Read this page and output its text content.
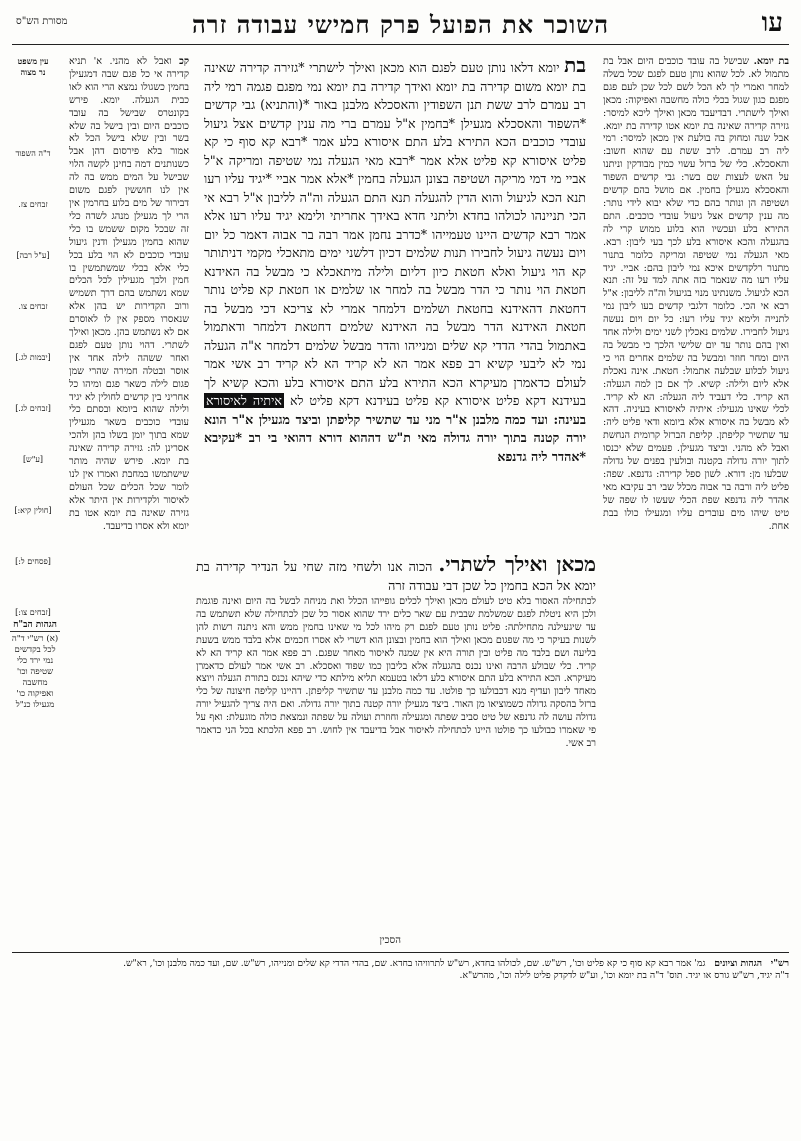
עו
השוכר את הפועל פרק חמישי עבודה זרה
מסורת הש"ס
בת יומא. שבישל בה עובד כוכבים היום אבל בת מתמול לא. לכל שהוא נותן טעם לפגם שכל בשלה למחר ואמרי לך לא הכל לשם לכל שכן לעם פגם מפגם כגון שגול בכלי כולה מחשבה ואפיקוה: מכאן ואילך לישתרי. דבדיעבד מכאן ואילך ליכא למיסר: גזירה קדירה שאינה בת יומא אטו קדירה בת יומא. אבל שנה ומחוק בה בולעת אין מכאן למיסר: רמי ליה רב עמרם. לרב ששת עם שהוא חשוב: והאסכלא. כלי של ברזל עשוי כמין מבודקין וניתנו על האש לעצות שם בשר: גבי קדשים השפוד והאסכלא מגעילן בחמין. אם מושל בהם קדשים ושטיפה הן ונותר בהם כדי שלא יבוא לידי נותר: מה ענין קדשים אצל גיעול עובדי כוכבים. התם התירא בלע ועכשיו הוא בלוע ממוש קרי לה בהגעלה והכא איסורא בלע לכך בעי ליבון: רבא. מאי הגעלה נמי שטיפה ומריקה כלומר בתנור מתנור רלקדשים איכא נמי ליבון בהם: אביי. יגיד עליו רעו מה שנאמר בזה אתה למד על זה: תנא הכא לגיעול. משנתינו מנוי בגיעול וה"ה לליבון: א"ל רבא אי הכי. כלומר דלגבי קדשים בעו ליבון נמי לתנייה ולימא יגיד עליו רעו: כל יום ויום נעשה גיעול לחבירו. שלמים נאכלין לשני ימים ולילה אחד ואין בהם נותר עד יום שלישי הלכך כי מבשל בה היום ומחר חוזר ומבשל בה שלמים אחרים הוי כי גיעול לבלוע שבלעה אתמול: חטאת. אינה נאכלת אלא ליום ולילה: קשיא. לך אם כן למה הגעלה: הא קריד. כלי דעביד ליה הגעלה: הא לא קריד. לכלי שאינו מגעילו: איתיה לאיסורא בעיניה. דהא לא מבשל בה איסורא אלא ביומא ודאי פליט ליה: עד שתשיר קליפתן. קליפת הברזל קרומית הנחשת ואבל לא מהני. וביצד מגעילן. פעמים שלא יכנסו לתוך יורה גדולה בקטנה ובולעין בפנים של גדולה שבלעו מן: דורא. לשון ספל קדירה: גדנפא. שפה: פליט ליה ורבה בר אבוה מכלל שבי רב עקיבא מאי אהדר ליה גדנפא שפת הכלי שעשו לו שפה של טיט שיהו מים עוברים עליו ומגעילו כולו בבת אחת.
בת יומא דלאו נותן טעם לפגם הוא מכאן ואילך לישתרי *גזירה קדירה שאינה בת יומא משום קדירה בת יומא ואידך קדירה בת יומא נמי מפגם פגמה רמי ליה רב עמרם לרב ששת תנן השפודין והאסכלא מלבנן באור *(והתניא) גבי קדשים *השפוד והאסכלא מגעילן *בחמין א"ל עמרם ברי מה ענין קדשים אצל גיעול עובדי כוכבים הכא התירא בלע התם איסורא בלע אמר *רבא קא סוף כי קא פליט איסורא קא פליט אלא אמר *רבא מאי הגעלה נמי שטיפה ומריקה א"ל אביי מי דמי מריקה ושטיפה בצונן הגעלה בחמין *אלא אמר אביי *יגיד עליו רעו תנא הכא לגיעול והוא הדין להגעלה תנא התם הגעלה וה"ה לליבון א"ל רבא אי הכי תניינהו לכולהו בחדא וליתני חדא באידך אחריתי ולימא יגיד עליו רעו אלא אמר רבא קדשים היינו טעמייהו *כדרב נחמן אמר רבה בר אבוה דאמר כל יום ויום נעשה גיעול לחבירו תנות שלמים דכיון דלשני ימים מתאכלי מקמי דניתותר קא הוי גיעול ואלא חטאת כיון דליום ולילה מיתאכלא כי מבשל בה האידנא חטאת הוי נותר כי הדר מבשל בה למחר או שלמים או חטאת קא פליט נותר דחטאת דהאידנא בחטאת ושלמים דלמחר אמרי לא צריכא דכי מבשל בה חטאת האידנא הדר מבשל בה האידנא שלמים דחטאת דלמחר ודאתמול באתמול בהדי הדדי קא שלים ומנייהו והדר מבשל שלמים דלמחר א"ה הגעלה נמי לא ליבעי קשיא רב פפא אמר הא לא קריד הא לא קריד רב אשי אמר לעולם כדאמרן מעיקרא הכא התירא בלע התם איסורא בלע והכא קשיא לך בעידנא דקא פליט איסורא קא פליט בעידנא דקא פליט לא איתיה לאיסורא בעינה: ועד כמה מלבנן א"ר מני עד שתשיר קליפתן וביצד מגעילן א"ר הונא יורה קטנה בתוך יורה גדולה מאי ת"ש דההוא דורא דהואי בי רב *עקיבא *אהדר ליה גדנפא
מכאן ואילך לשתרי. הכוה אנו ולשחי מזה שחי על הנדיר קדירה בת יומא אל הכא בחמין כל שכן דבי עבודה זרה
קכ ואבל לא מהני. א' תניא קדירה אי כל פגם שבה דמגעילן בחמין כשגולו נמצא הרי הוא לאו כבית הגעלה. יומא. פירש בקונטרס שבישל בה עובד כוכבים היום ובין בישל בה שלא בשר ובין שלא בישל הכל לא אמור בלא פירסום דהן אבל כשנותנים דמה בחינן לקשה הלוי שבישל על המים ממש בה לה אין לנו חוששין לפגם משום דבירור של מים בלוע בחרמין אין הרי לך מגעילן מנהג לשדה כלי זה שבכל מקום ששמש בו כלי שהוא בחמין מגעילן ודנין גיעול עובדי כוכבים לא הוי בלע בכל כלי אלא בכלי שמשתמשין בו חמין ולכך מגעילין לכל הכלים שמא נשתמש בהם דרך תשמיש ורוב הקדירות יש בהן אלא שנאסרו מספק אין לו לאוסרם אם לא נשתמש בהן. מכאן ואילך לשתרי. דהוי נותן טעם לפגם ואחר ששהה לילה אחד אין אוסר ובטלה חמירה שהרי שמן פגום לילה כשאר פגם ומיהו כל אחריני בין קדשים לחולין לא יגיד ולילה שהוא ביומא ובסתם כלי עובדי כוכבים בשאר מגעילין שמא בתוך יומן בשלו בהן ולהכי אסרינן לה: גזירה קדירה שאינה בת יומא. פירש שהיה מותר שישתמשו במחבת ואמרו אין לנו לומר שכל הכלים שכל העולם לאיסור ולקדירות אין היתר אלא גזירה שאינה בת יומא אטו בת יומא ולא אסרו בדיעבד.
לכתחילה האסור בלא טיט לעולם מכאן ואילך לכלים גופייהו הכלל ואת מניחה לבשל בה היום ואינה פוגמת ולכן היא ניטלת לפגם שמשלמת שבבית עם שאר כלים ירד שהוא אסור כל שכן לכתחילה שלא תשתמש בה עד שיגעילנה מתחילתה: פליט נותן טעם לפגם רק מיהו לכל מי שאינו בחמין ממש והא ניתנה רשות להן לשנות בעיקר כי מה שפגום מכאן ואילך הוא בחמין ובצונן הוא דשרי לא אסרו חכמים אלא בלבד ממש בשעת בליעה ושם בלבד מה פליט ובין תורה היא אין שמנה לאיסור מאחר שפגם. רב פפא אמר הא קריד הא לא קריד. כלי שבולע הרבה ואינו נכנס בהגעלה אלא בליבון כמו שפוד ואסכלא. רב אשי אמר לעולם כדאמרן מעיקרא. הכא התירא בלע התם איסורא בלע דלאו בטעמא תליא מילתא כדי שיהא נכנס בתורת הגעלה ויוצא מאחד ליבון ועדיף מנא דכבולעו כך פולטו. עד כמה מלבנן עד שתשיר קליפתן. דהיינו קליפה חיצונה של כלי ברזל בהסקה גדולה כשמוציאו מן האור. ביצד מגעילן יורה קטנה בתוך יורה גדולה. ואם היה צריך להגעיל יורה גדולה עושה לה גדנפא של טיט סביב שפתה ומגעילה וחוזרת ועולה על שפתה ונמצאת כולה מוגעלת: ואף על פי שאמרו כבולעו כך פולטו היינו לכתחילה לאיסור אבל בדיעבד אין לחוש. רב פפא הלכתא בכל הני כדאמר רב אשי.
עין משפט
נר מצוה
ד"ה השפוד
זבחים צז.
[ע"ל רבה]
זבחים צו.
[יבמות לג.]
[זבחים לג.]
[ע"ש]
[חולין קיא:]
[פסחים ל:]
[זבחים צו:]
הגהות הב"ח
(א) רש"י ד"ה לכל בקדשים נמי ירד כלי שטיפה וכו' מחשבה ואפיקוה כו' מגעילו כנ"ל
הסכין
רש"י   הגהות וציונים   גמ' אמר רבא קא סוף כי קא פליט וכו', רש"ש. שם, לכולהו בחדא, רש"ש לתרוויהו בחדא. שם, בהדי הדדי קא שלים ומנייהו, רש"ש. שם, ועד כמה מלבנן וכו', רא"ש.
ד"ה יגיד, רש"ש גורס או יגיד. תוס' ד"ה בת יומא וכו', וע"ש לדקדק פליט לילה וכו', מהרש"א.
